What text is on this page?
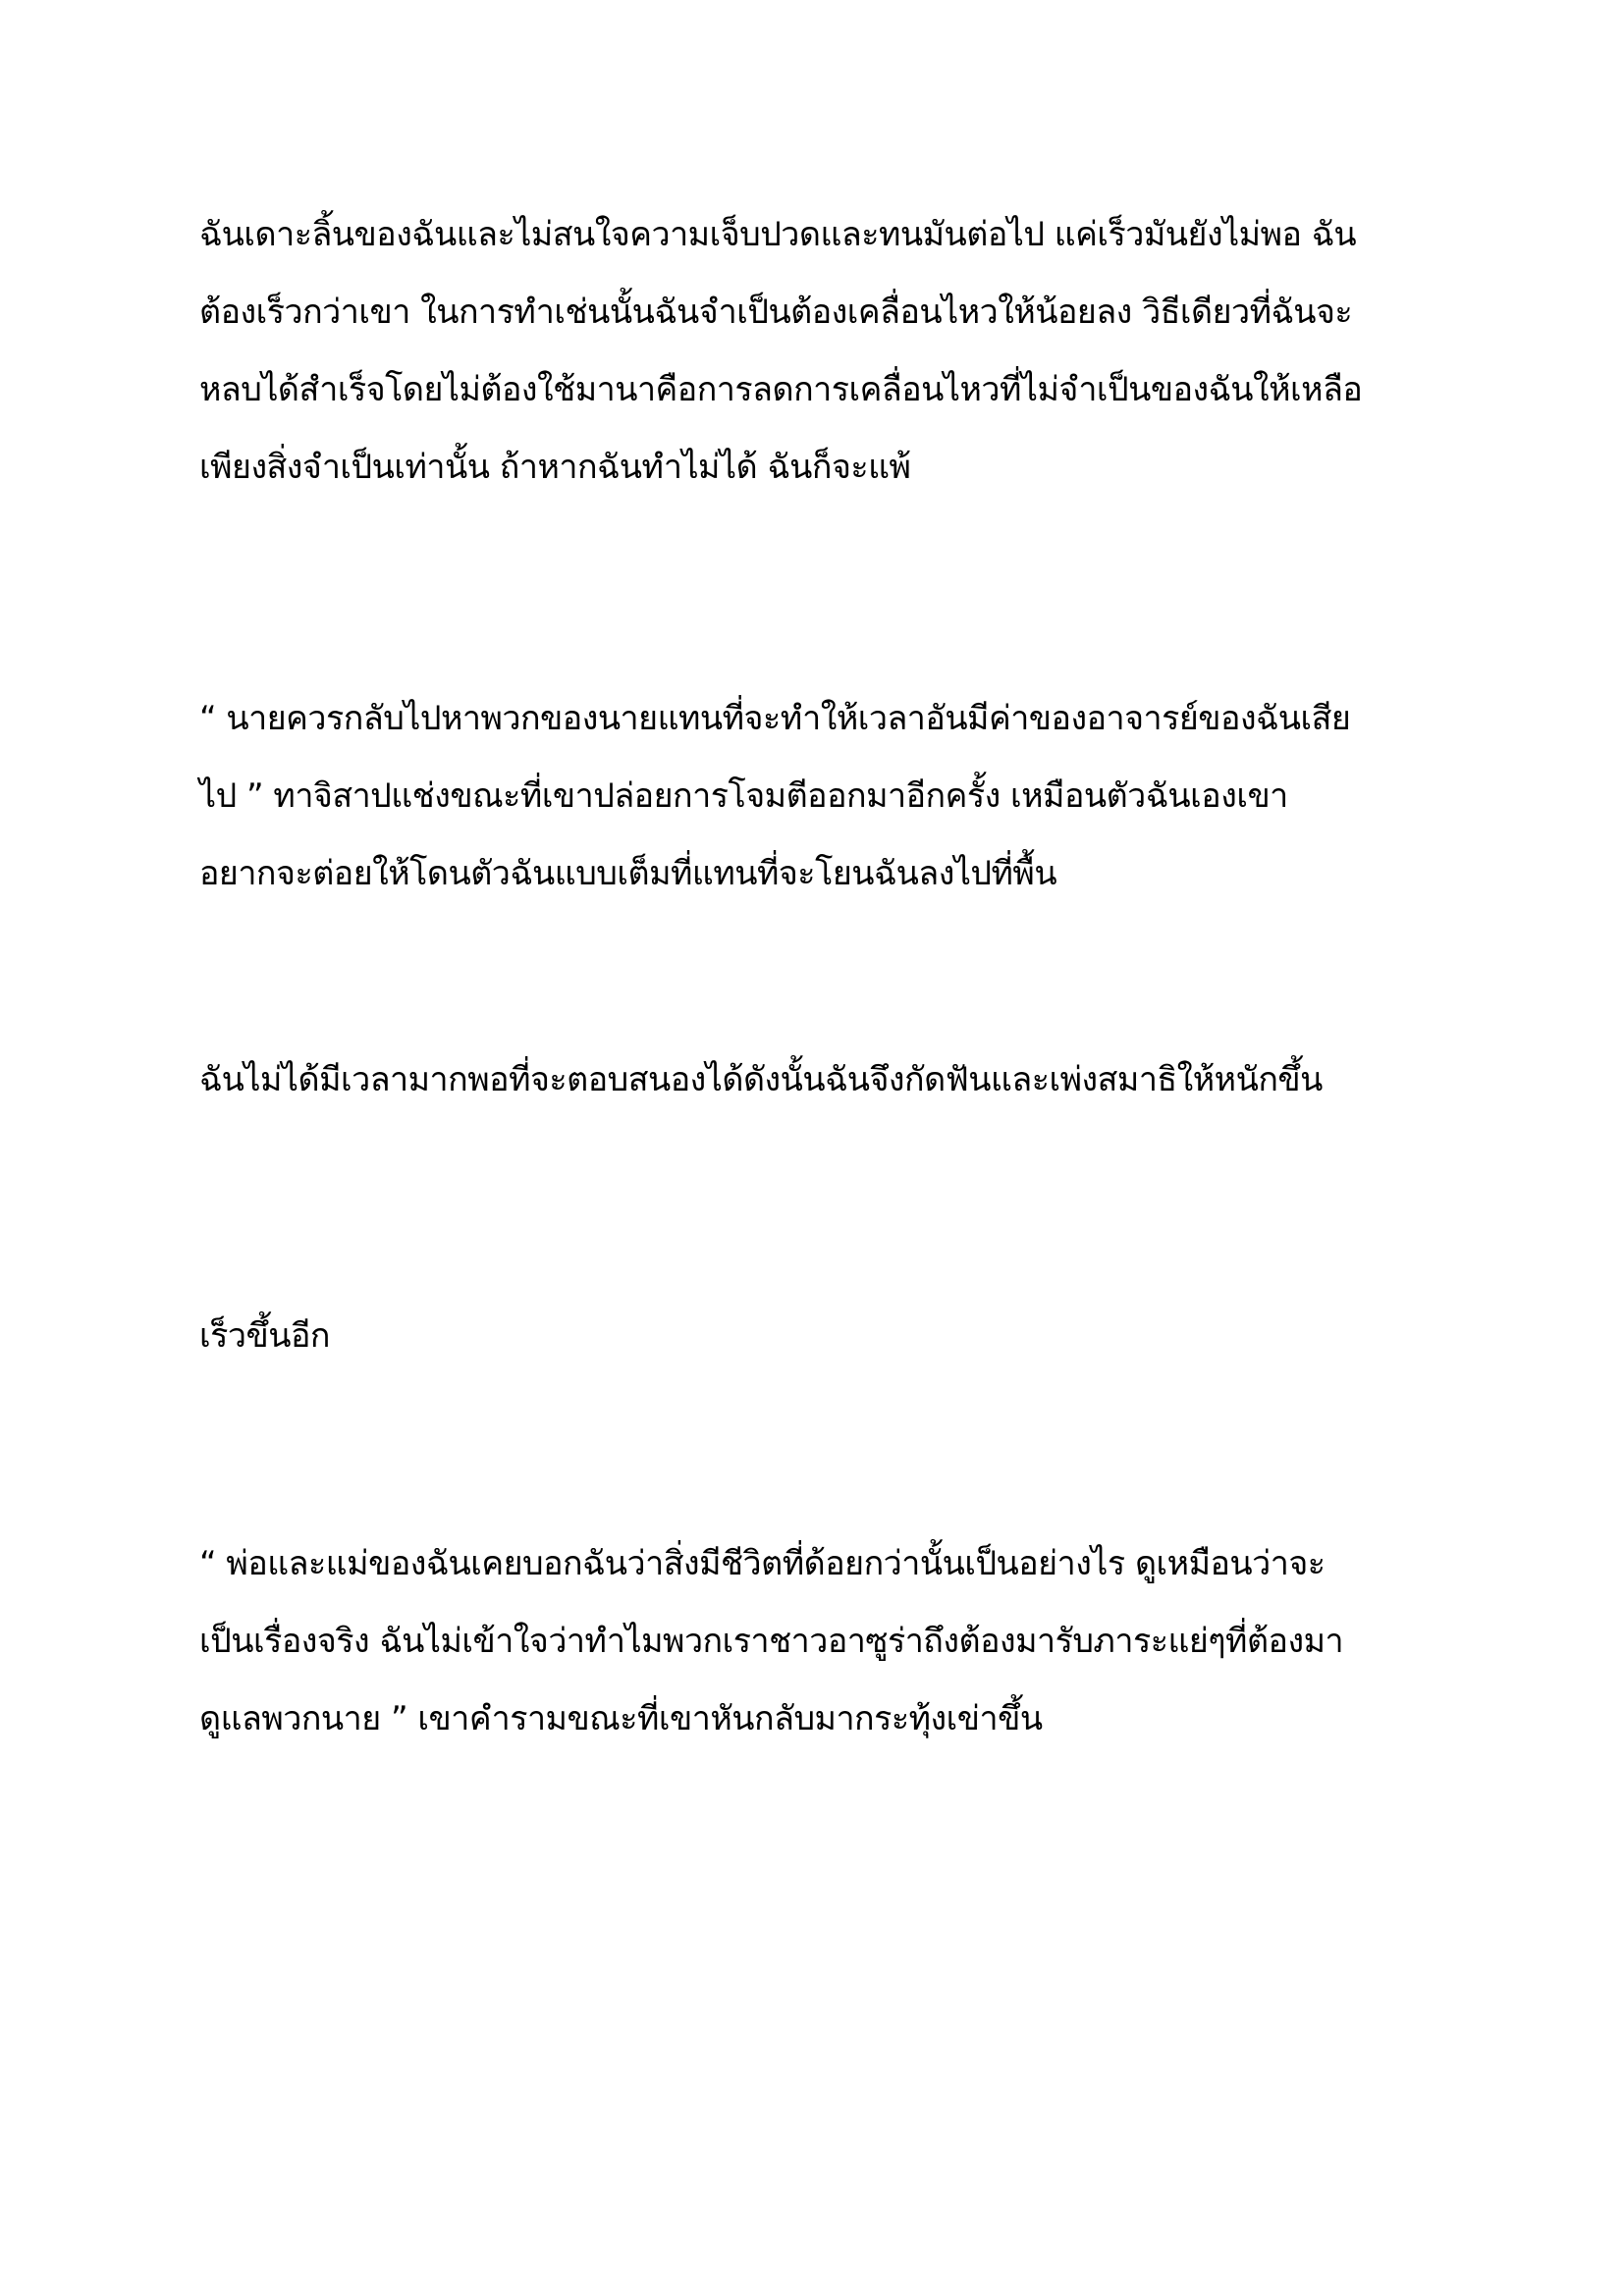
ฉันเดาะลิ้นของฉันและไม่สนใจความเจ็บปวดและทนมันต่อไป แค่เร็วมันยังไม่พอ ฉัน
ต้องเร็วกว่าเขา ในการทำเช่นนั้นฉันจำเป็นต้องเคลื่อนไหวให้น้อยลง วิธีเดียวที่ฉันจะ
หลบได้สำเร็จโดยไม่ต้องใช้มานาคือการลดการเคลื่อนไหวที่ไม่จำเป็นของฉันให้เหลือ
เพียงสิ่งจำเป็นเท่านั้น ถ้าหากฉันทำไม่ได้ ฉันก็จะแพ้
“ นายควรกลับไปหาพวกของนายแทนที่จะทำให้เวลาอันมีค่าของอาจารย์ของฉันเสีย
ไป ” ทาจิสาปแช่งขณะที่เขาปล่อยการโจมตีออกมาอีกครั้ง เหมือนตัวฉันเองเขา
อยากจะต่อยให้โดนตัวฉันแบบเต็มที่แทนที่จะโยนฉันลงไปที่พื้น
ฉันไม่ได้มีเวลามากพอที่จะตอบสนองได้ดังนั้นฉันจึงกัดฟันและเพ่งสมาธิให้หนักขึ้น
เร็วขึ้นอีก
“ พ่อและแม่ของฉันเคยบอกฉันว่าสิ่งมีชีวิตที่ด้อยกว่านั้นเป็นอย่างไร ดูเหมือนว่าจะ
เป็นเรื่องจริง ฉันไม่เข้าใจว่าทำไมพวกเราชาวอาซูร่าถึงต้องมารับภาระแย่ๆที่ต้องมา
ดูแลพวกนาย ” เขาคำรามขณะที่เขาหันกลับมากระทุ้งเข่าขึ้น
